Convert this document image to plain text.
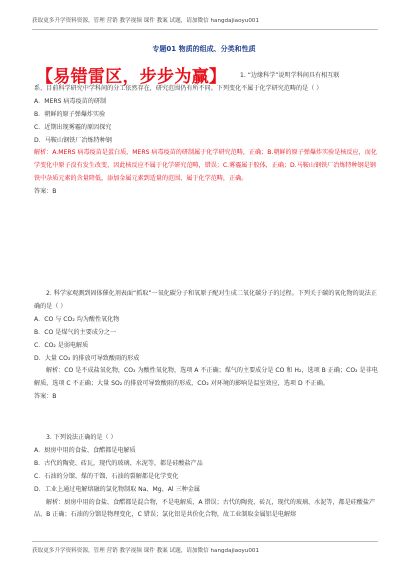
获取更多升学资料资源，管理 营销 教学视频 课件 教案 试题，请加微信 hangdajiaoyu001
专题01 物质的组成、分类和性质
【易错雷区，步步为赢】	1. “边缘科学”说明学科间具有相互联

系，目前科学研究中学科间的分工依然存在，研究范围仍有所不同。下列变化不属于化学研究范畴的是（ ）

A．MERS 病毒疫苗的研制

B．朝鲜的原子弹爆炸实验

C．近期出现雾霾的原因探究

D．马鞍山钢铁厂冶炼特种钢

解析：A.MERS 病毒疫苗是蛋白质，MERS 病毒疫苗的研制属于化学研究范畴，正确；B.朝鲜的原子弹爆炸实验是核反应，而化学变化中原子没有发生改变，因此核反应不属于化学研究范畴，错误；C.雾霾属于胶体，正确；D.马鞍山钢铁厂冶炼特种钢是钢铁中杂质元素的含量降低，添加金属元素到适量的范围，属于化学范畴，正确。

答案：B

2. 科学家观测到固体催化剂表面“抓取”一氧化碳分子和氧原子配对生成二氧化碳分子的过程。下列关于碳的氧化物的说法正确的是（ ）

A．CO 与 CO₂ 均为酸性氧化物

B．CO 是煤气的主要成分之一

C．CO₂ 是弱电解质

D．大量 CO₂ 的排放可导致酸雨的形成

解析：CO 是不成盐氧化物，CO₂ 为酸性氧化物，选项 A 不正确；煤气的主要成分是 CO 和 H₂，选项 B 正确；CO₂ 是非电解质，选项 C 不正确；大量 SO₂ 的排放可导致酸雨的形成，CO₂ 对环境的影响是温室效应，选项 D 不正确。

答案：B

3. 下列说法正确的是（ ）

A．厨房中用的食盐、食醋都是电解质

B．古代的陶瓷、砖瓦，现代的玻璃、水泥等，都是硅酸盐产品

C．石油的分馏、煤的干馏、石油的裂解都是化学变化

D．工业上通过电解熔融的氯化物制取 Na、Mg、Al 三种金属

解析：厨房中用的食盐、食醋都是混合物，不是电解质，A 错误；古代的陶瓷、砖瓦，现代的玻璃、水泥等，都是硅酸盐产品，B 正确；石油的分馏是物理变化，C 错误；氯化铝是共价化合物，故工业制取金属铝是电解熔

获取更多升学资料资源，管理 营销 教学视频 课件 教案 试题，请加微信 hangdajiaoyu001
